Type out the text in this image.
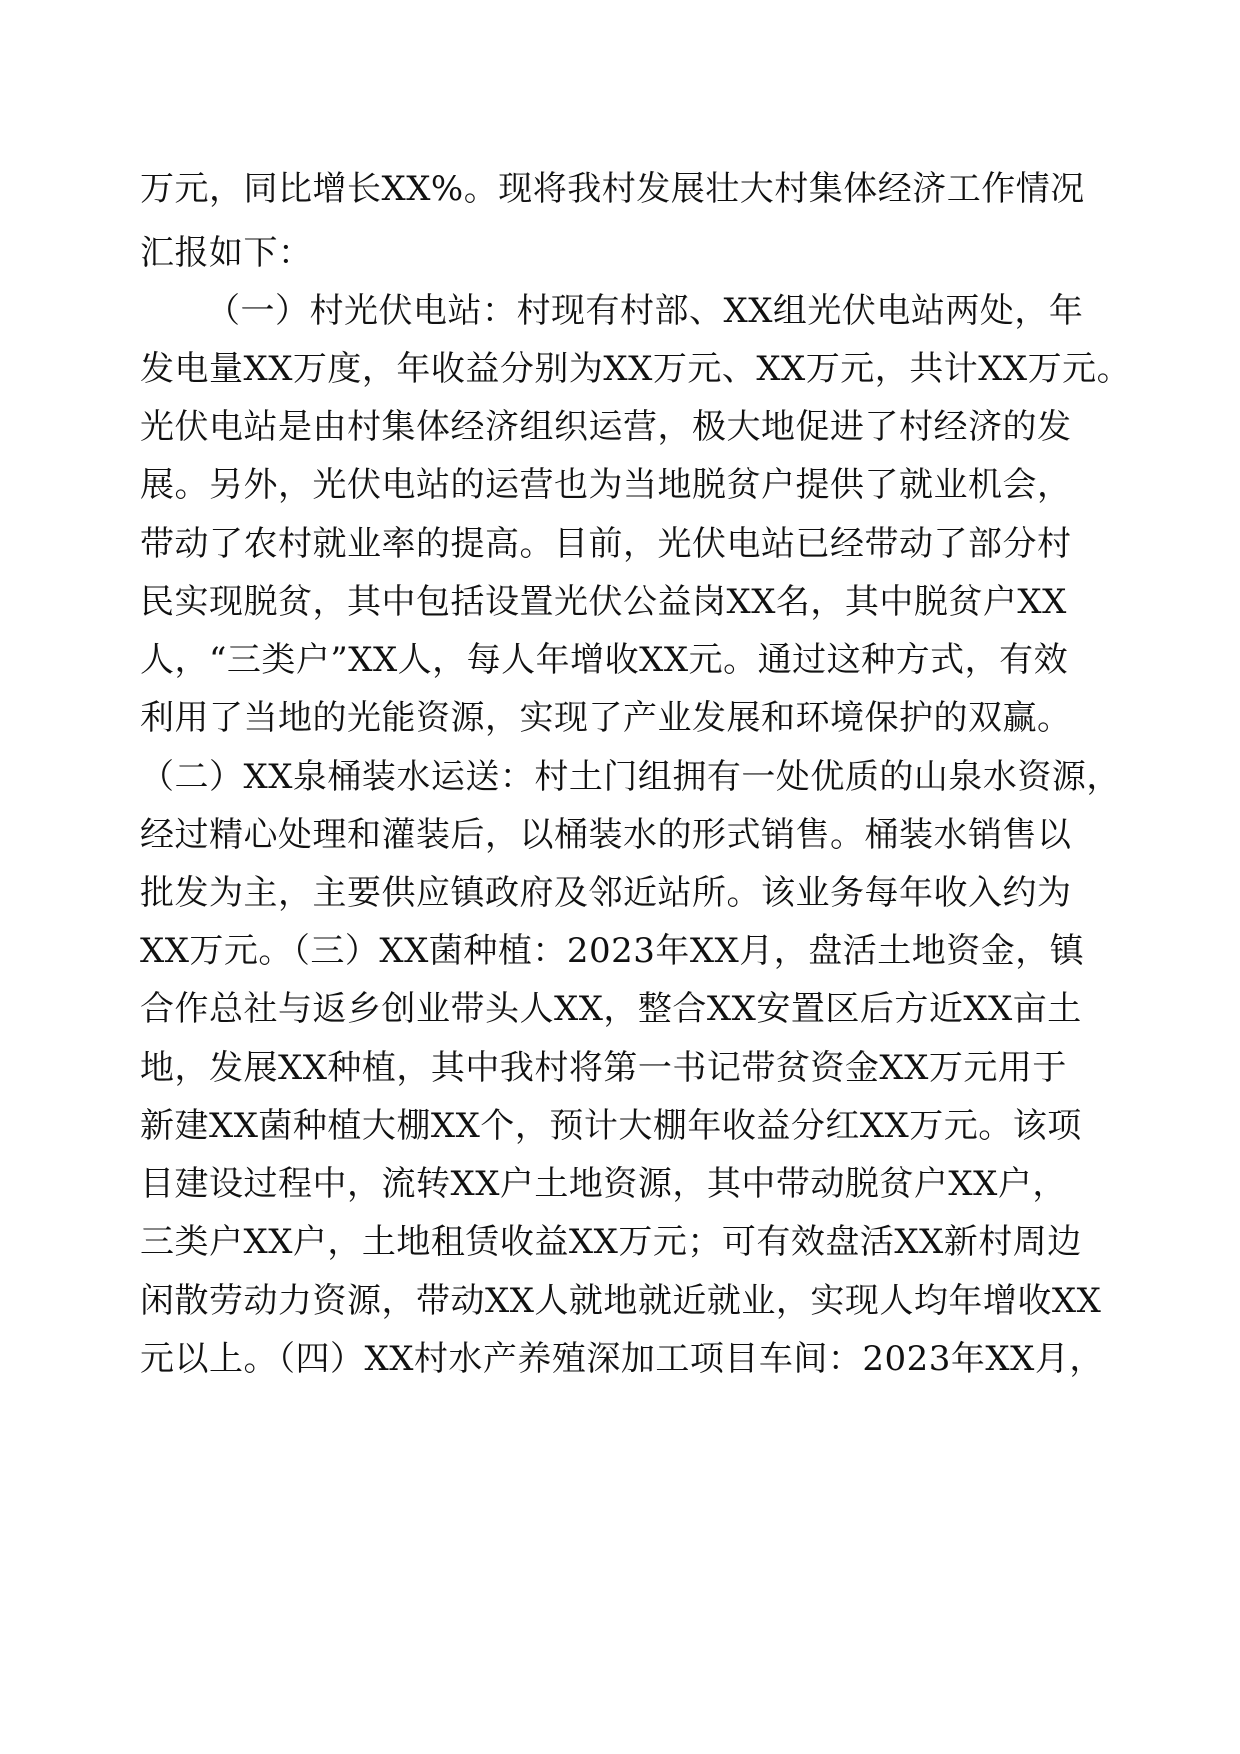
万元，同比增长XX%。现将我村发展壮大村集体经济工作情况
汇报如下：
（一）村光伏电站：村现有村部、XX组光伏电站两处，年
发电量XX万度，年收益分别为XX万元、XX万元，共计XX万元。
光伏电站是由村集体经济组织运营，极大地促进了村经济的发
展。另外，光伏电站的运营也为当地脱贫户提供了就业机会，
带动了农村就业率的提高。目前，光伏电站已经带动了部分村
民实现脱贫，其中包括设置光伏公益岗XX名，其中脱贫户XX
人，“三类户”XX人，每人年增收XX元。通过这种方式，有效
利用了当地的光能资源，实现了产业发展和环境保护的双赢。
（二）XX泉桶装水运送：村土门组拥有一处优质的山泉水资源，
经过精心处理和灌装后，以桶装水的形式销售。桶装水销售以
批发为主，主要供应镇政府及邻近站所。该业务每年收入约为
XX万元。（三）XX菌种植：2023年XX月，盘活土地资金，镇
合作总社与返乡创业带头人XX，整合XX安置区后方近XX亩土
地，发展XX种植，其中我村将第一书记带贫资金XX万元用于
新建XX菌种植大棚XX个，预计大棚年收益分红XX万元。该项
目建设过程中，流转XX户土地资源，其中带动脱贫户XX户，
三类户XX户，土地租赁收益XX万元；可有效盘活XX新村周边
闲散劳动力资源，带动XX人就地就近就业，实现人均年增收XX
元以上。（四）XX村水产养殖深加工项目车间：2023年XX月，
